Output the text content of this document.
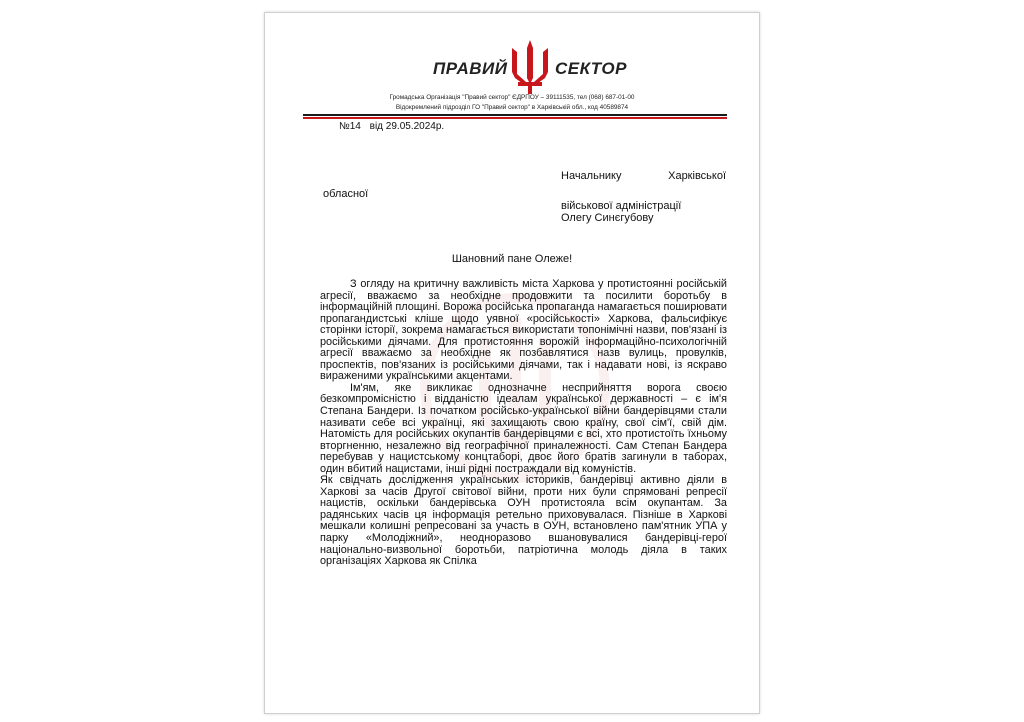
ПРАВИЙ	СЕКТОР
Громадська Організація "Правий сектор" ЄДРПОУ – 39111535, тел (068) 687-01-00
Відокремлений підрозділ ГО "Правий сектор" в Харківській обл., код 40589874
№14 від 29.05.2024р.
Начальнику	Харківської
обласної
військової адміністрації
Олегу Синєгубову
Шановний пане Олеже!

З огляду на критичну важливість міста Харкова у протистоянні російській агресії, вважаємо за необхідне продовжити та посилити боротьбу в інформаційній площині. Ворожа російська пропаганда намагається поширювати пропагандистські кліше щодо уявної «російськості» Харкова, фальсифікує сторінки історії, зокрема намагається використати топонімічні назви, пов'язані із російськими діячами. Для протистояння ворожій інформаційно-психологічній агресії вважаємо за необхідне як позбавлятися назв вулиць, провулків, проспектів, пов'язаних із російськими діячами, так і надавати нові, із яскраво вираженими українськими акцентами.

Ім'ям, яке викликає однозначне несприйняття ворога своєю безкомпромісністю і відданістю ідеалам української державності – є ім'я Степана Бандери. Із початком російсько-української війни бандерівцями стали називати себе всі українці, які захищають свою країну, свої сім'ї, свій дім. Натомість для російських окупантів бандерівцями є всі, хто протистоїть їхньому вторгненню, незалежно від географічної приналежності. Сам Степан Бандера перебував у нацистському концтаборі, двоє його братів загинули в таборах, один вбитий нацистами, інші рідні постраждали від комуністів.

Як свідчать дослідження українських істориків, бандерівці активно діяли в Харкові за часів Другої світової війни, проти них були спрямовані репресії нацистів, оскільки бандерівська ОУН протистояла всім окупантам. За радянських часів ця інформація ретельно приховувалася. Пізніше в Харкові мешкали колишні репресовані за участь в ОУН, встановлено пам'ятник УПА у парку «Молодіжний», неодноразово вшановувалися бандерівці-герої національно-визвольної боротьби, патріотична молодь діяла в таких організаціях Харкова як Спілка
